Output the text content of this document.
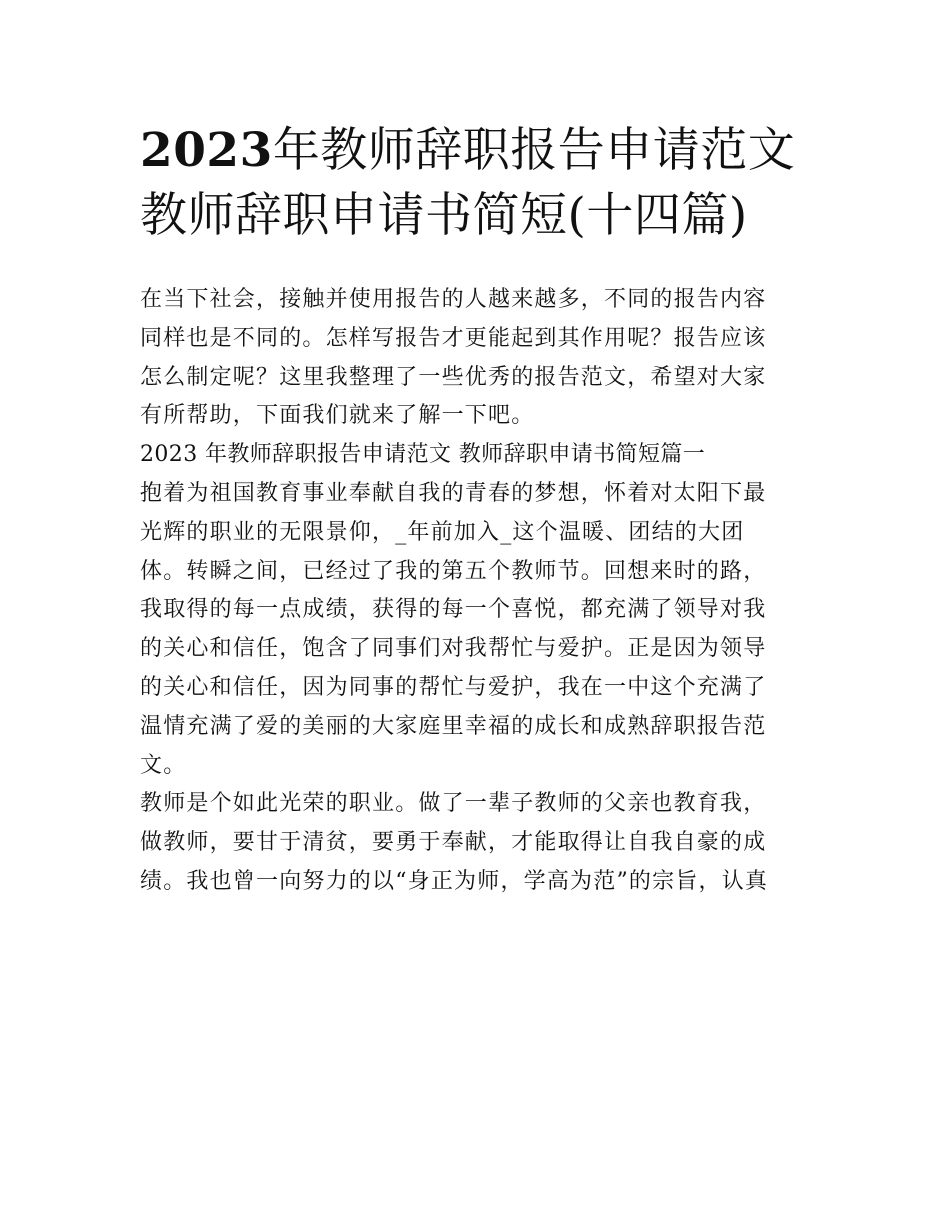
2023年教师辞职报告申请范文
教师辞职申请书简短(十四篇)
在当下社会，接触并使用报告的人越来越多，不同的报告内容
同样也是不同的。怎样写报告才更能起到其作用呢？报告应该
怎么制定呢？这里我整理了一些优秀的报告范文，希望对大家
有所帮助，下面我们就来了解一下吧。
2023 年教师辞职报告申请范文 教师辞职申请书简短篇一
抱着为祖国教育事业奉献自我的青春的梦想，怀着对太阳下最
光辉的职业的无限景仰，_年前加入_这个温暖、团结的大团
体。转瞬之间，已经过了我的第五个教师节。回想来时的路，
我取得的每一点成绩，获得的每一个喜悦，都充满了领导对我
的关心和信任，饱含了同事们对我帮忙与爱护。正是因为领导
的关心和信任，因为同事的帮忙与爱护，我在一中这个充满了
温情充满了爱的美丽的大家庭里幸福的成长和成熟辞职报告范
文。
教师是个如此光荣的职业。做了一辈子教师的父亲也教育我，
做教师，要甘于清贫，要勇于奉献，才能取得让自我自豪的成
绩。我也曾一向努力的以“身正为师，学高为范”的宗旨，认真
